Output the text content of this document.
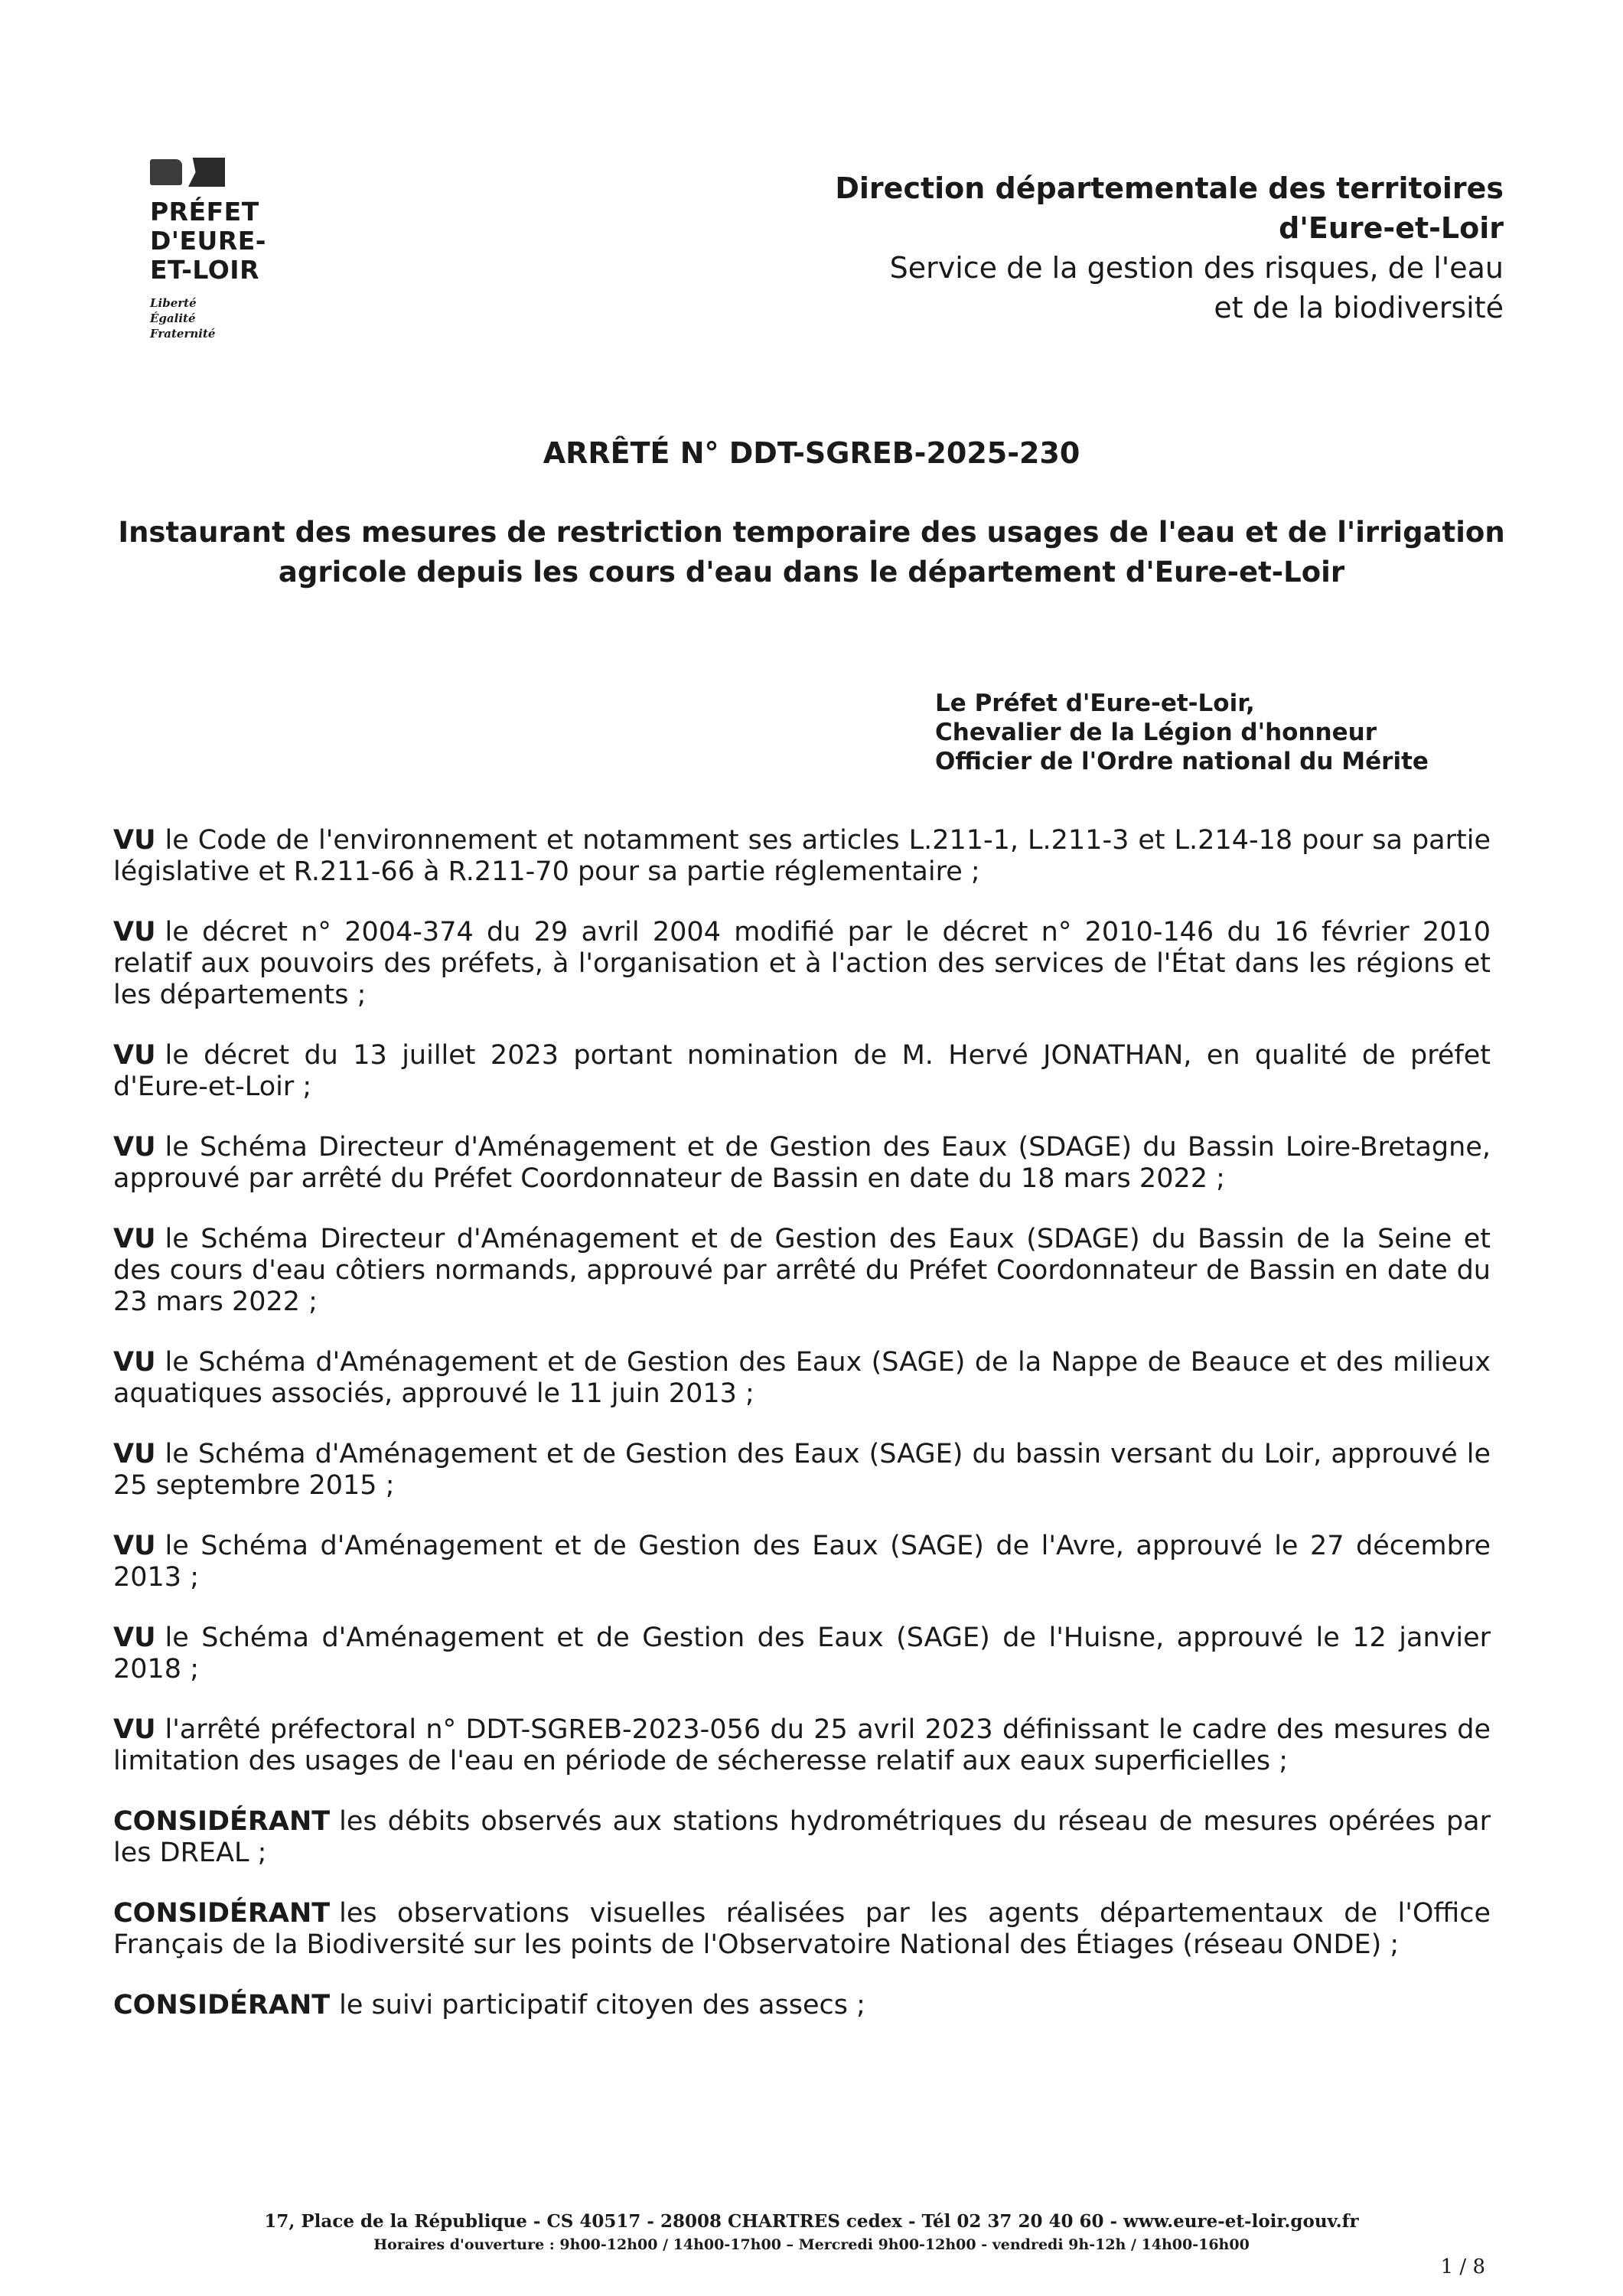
PRÉFET
D'EURE-
ET-LOIR
Liberté
Égalité
Fraternité
Direction départementale des territoires
d'Eure-et-Loir
Service de la gestion des risques, de l'eau
et de la biodiversité
ARRÊTÉ N° DDT-SGREB-2025-230
Instaurant des mesures de restriction temporaire des usages de l'eau et de l'irrigation agricole depuis les cours d'eau dans le département d'Eure-et-Loir
Le Préfet d'Eure-et-Loir,
Chevalier de la Légion d'honneur
Officier de l'Ordre national du Mérite

VU le Code de l'environnement et notamment ses articles L.211-1, L.211-3 et L.214-18 pour sa partie législative et R.211-66 à R.211-70 pour sa partie réglementaire ;

VU le décret n° 2004-374 du 29 avril 2004 modifié par le décret n° 2010-146 du 16 février 2010 relatif aux pouvoirs des préfets, à l'organisation et à l'action des services de l'État dans les régions et les départements ;

VU le décret du 13 juillet 2023 portant nomination de M. Hervé JONATHAN, en qualité de préfet d'Eure-et-Loir ;

VU le Schéma Directeur d'Aménagement et de Gestion des Eaux (SDAGE) du Bassin Loire-Bretagne, approuvé par arrêté du Préfet Coordonnateur de Bassin en date du 18 mars 2022 ;

VU le Schéma Directeur d'Aménagement et de Gestion des Eaux (SDAGE) du Bassin de la Seine et des cours d'eau côtiers normands, approuvé par arrêté du Préfet Coordonnateur de Bassin en date du 23 mars 2022 ;

VU le Schéma d'Aménagement et de Gestion des Eaux (SAGE) de la Nappe de Beauce et des milieux aquatiques associés, approuvé le 11 juin 2013 ;

VU le Schéma d'Aménagement et de Gestion des Eaux (SAGE) du bassin versant du Loir, approuvé le 25 septembre 2015 ;

VU le Schéma d'Aménagement et de Gestion des Eaux (SAGE) de l'Avre, approuvé le 27 décembre 2013 ;

VU le Schéma d'Aménagement et de Gestion des Eaux (SAGE) de l'Huisne, approuvé le 12 janvier 2018 ;

VU l'arrêté préfectoral n° DDT-SGREB-2023-056 du 25 avril 2023 définissant le cadre des mesures de limitation des usages de l'eau en période de sécheresse relatif aux eaux superficielles ;

CONSIDÉRANT les débits observés aux stations hydrométriques du réseau de mesures opérées par les DREAL ;

CONSIDÉRANT les observations visuelles réalisées par les agents départementaux de l'Office Français de la Biodiversité sur les points de l'Observatoire National des Étiages (réseau ONDE) ;

CONSIDÉRANT le suivi participatif citoyen des assecs ;

17, Place de la République - CS 40517 - 28008 CHARTRES cedex - Tél 02 37 20 40 60 - www.eure-et-loir.gouv.fr
Horaires d'ouverture : 9h00-12h00 / 14h00-17h00 – Mercredi 9h00-12h00 - vendredi 9h-12h / 14h00-16h00
1 / 8
